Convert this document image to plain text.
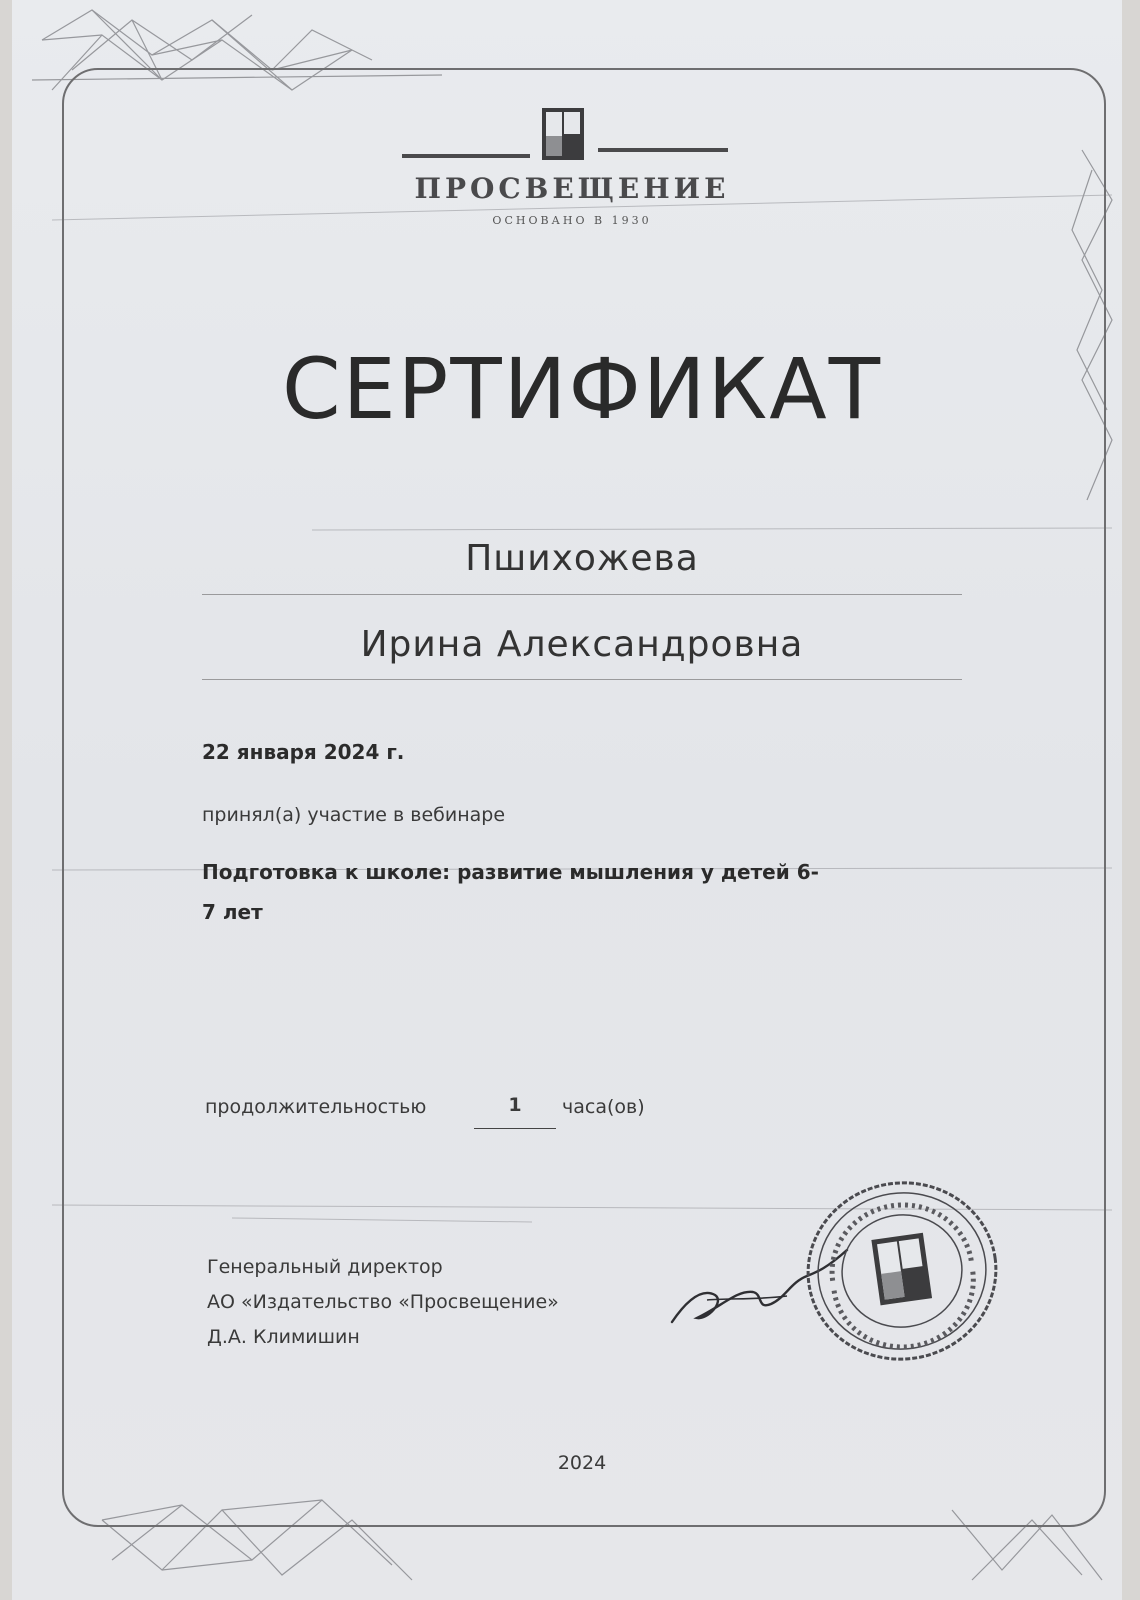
ПРОСВЕЩЕНИЕ
ОСНОВАНО В 1930
СЕРТИФИКАТ
Пшихожева
Ирина Александровна
22 января 2024 г.
принял(а) участие в вебинаре
Подготовка к школе: развитие мышления у детей 6-
7 лет
продолжительностью	1	часа(ов)
Генеральный директор
АО «Издательство «Просвещение»
Д.А. Климишин
2024
